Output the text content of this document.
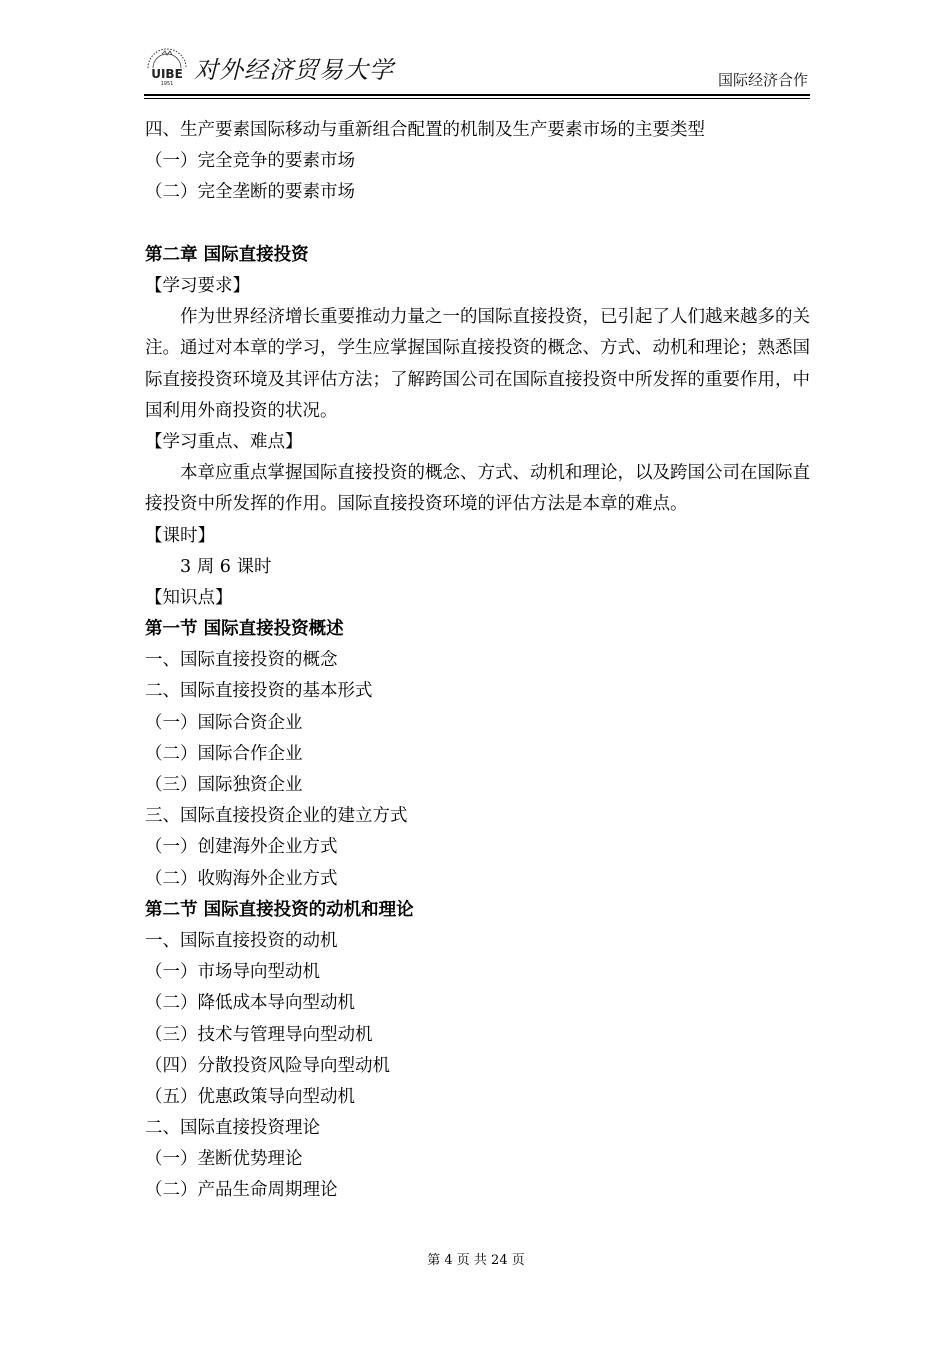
UIBE
1951 对外经济贸易大学	国际经济合作
四、生产要素国际移动与重新组合配置的机制及生产要素市场的主要类型
（一）完全竞争的要素市场
（二）完全垄断的要素市场
第二章 国际直接投资
【学习要求】
作为世界经济增长重要推动力量之一的国际直接投资，已引起了人们越来越多的关注。通过对本章的学习，学生应掌握国际直接投资的概念、方式、动机和理论；熟悉国际直接投资环境及其评估方法；了解跨国公司在国际直接投资中所发挥的重要作用，中国利用外商投资的状况。
【学习重点、难点】
本章应重点掌握国际直接投资的概念、方式、动机和理论，以及跨国公司在国际直接投资中所发挥的作用。国际直接投资环境的评估方法是本章的难点。
【课时】
3 周 6 课时
【知识点】
第一节 国际直接投资概述
一、国际直接投资的概念
二、国际直接投资的基本形式
（一）国际合资企业
（二）国际合作企业
（三）国际独资企业
三、国际直接投资企业的建立方式
（一）创建海外企业方式
（二）收购海外企业方式
第二节 国际直接投资的动机和理论
一、国际直接投资的动机
（一）市场导向型动机
（二）降低成本导向型动机
（三）技术与管理导向型动机
（四）分散投资风险导向型动机
（五）优惠政策导向型动机
二、国际直接投资理论
（一）垄断优势理论
（二）产品生命周期理论
第 4 页 共 24 页
